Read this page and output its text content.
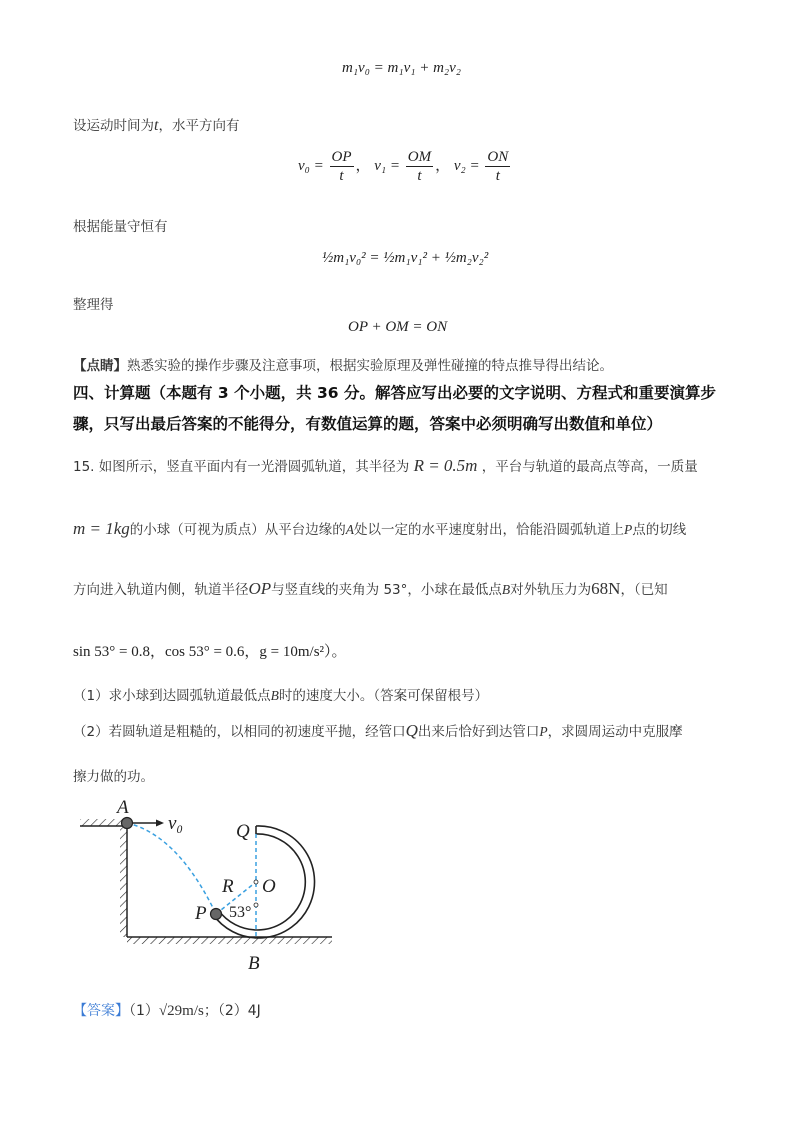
m₁v₀ = m₁v₁ + m₂v₂
设运动时间为t，水平方向有
$v_0 = \frac{OP}{t}$ ， $v_1 = \frac{OM}{t}$ ， $v_2 = \frac{ON}{t}$
根据能量守恒有
½m₁v₀² = ½m₁v₁² + ½m₂v₂²
整理得
OP + OM = ON
【点睛】熟悉实验的操作步骤及注意事项，根据实验原理及弹性碰撞的特点推导得出结论。
四、计算题（本题有 3 个小题，共 36 分。解答应写出必要的文字说明、方程式和重要演算步
骤，只写出最后答案的不能得分，有数值运算的题，答案中必须明确写出数值和单位）
15. 如图所示，竖直平面内有一光滑圆弧轨道，其半径为 R = 0.5m ，平台与轨道的最高点等高，一质量
m = 1kg的小球（可视为质点）从平台边缘的A处以一定的水平速度射出，恰能沿圆弧轨道上P点的切线
方向进入轨道内侧，轨道半径OP与竖直线的夹角为 53°，小球在最低点B对外轨压力为68N，（已知
sin 53° = 0.8，cos 53° = 0.6，g = 10m/s²）。
（1）求小球到达圆弧轨道最低点B时的速度大小。（答案可保留根号）
（2）若圆轨道是粗糙的，以相同的初速度平抛，经管口Q出来后恰好到达管口P，求圆周运动中克服摩
擦力做的功。
A
v₀	Q
R O
P 53°
B
【答案】（1）√29m/s；（2）4J
